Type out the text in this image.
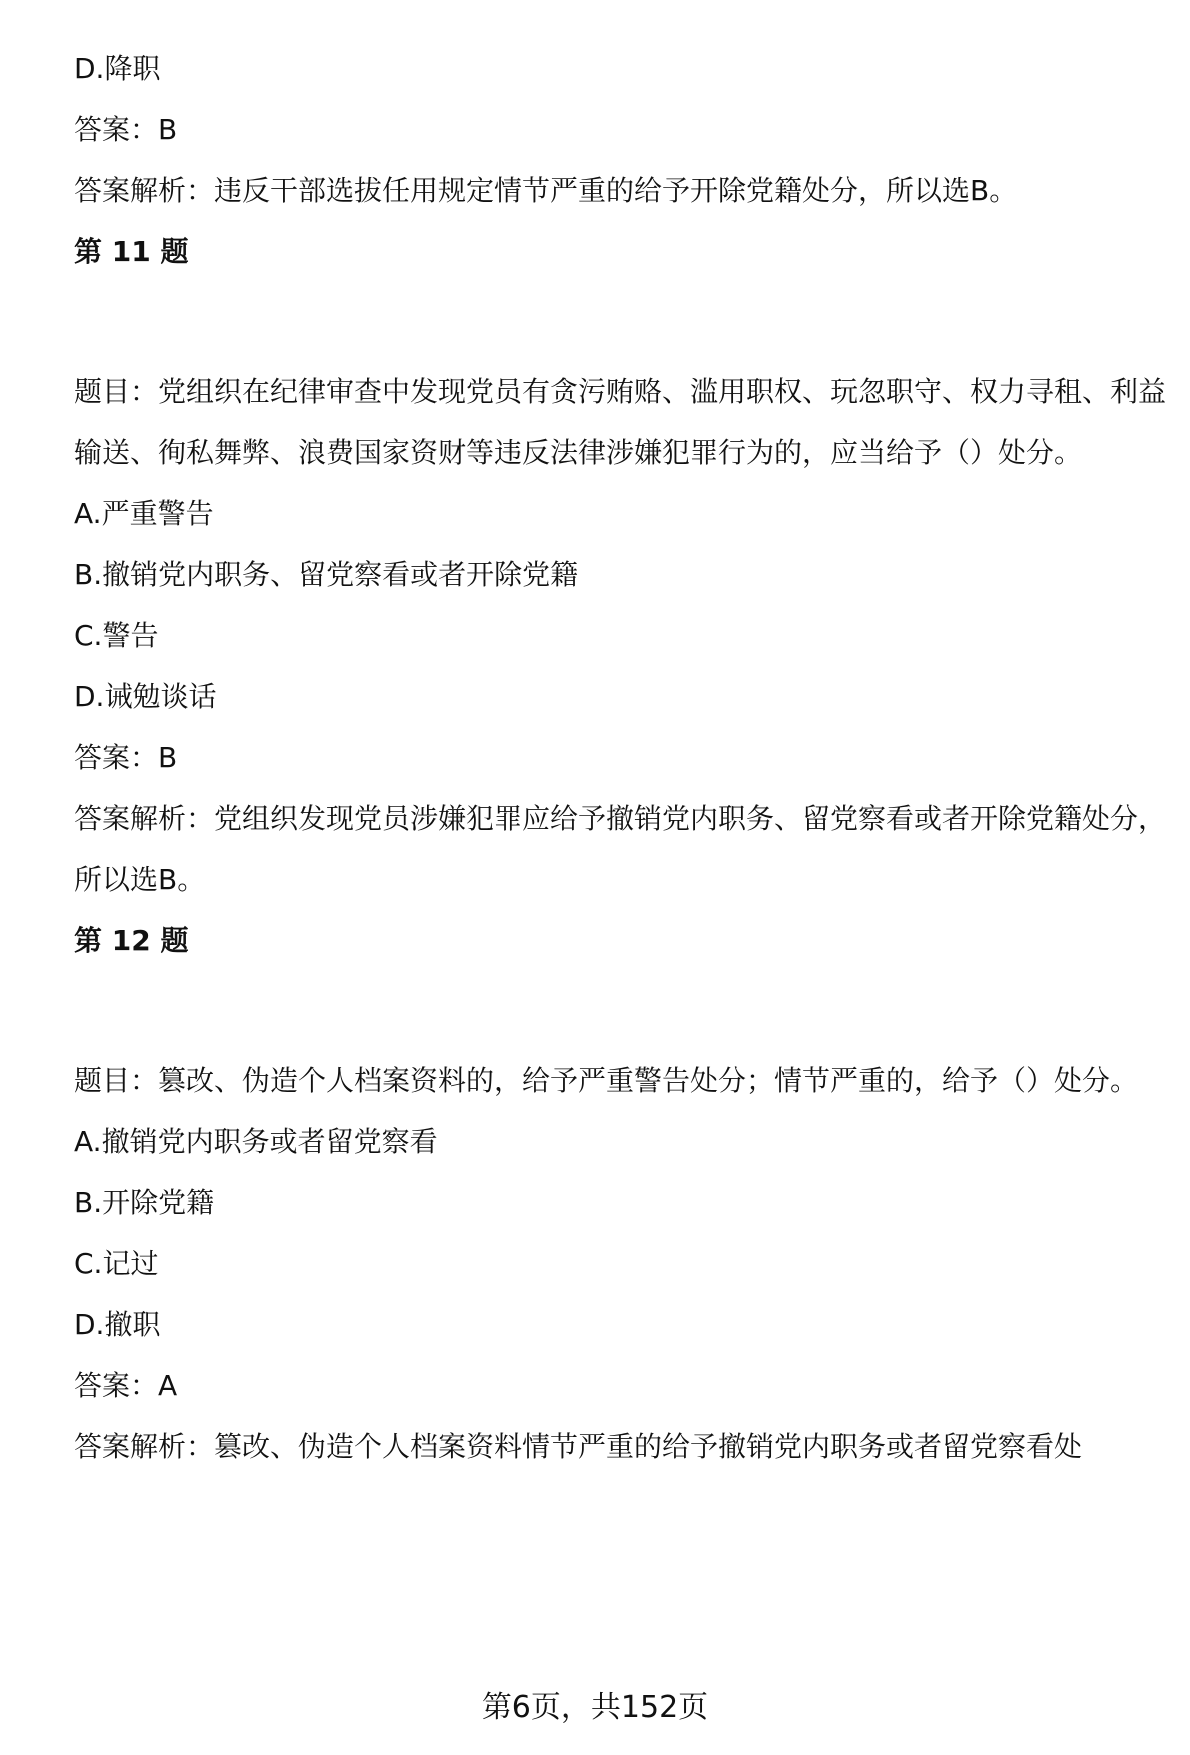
D.降职
答案：B
答案解析：违反干部选拔任用规定情节严重的给予开除党籍处分，所以选B。
第 11 题
题目：党组织在纪律审查中发现党员有贪污贿赂、滥用职权、玩忽职守、权力寻租、利益输送、徇私舞弊、浪费国家资财等违反法律涉嫌犯罪行为的，应当给予（）处分。
A.严重警告
B.撤销党内职务、留党察看或者开除党籍
C.警告
D.诫勉谈话
答案：B
答案解析：党组织发现党员涉嫌犯罪应给予撤销党内职务、留党察看或者开除党籍处分，所以选B。
第 12 题
题目：篡改、伪造个人档案资料的，给予严重警告处分；情节严重的，给予（）处分。
A.撤销党内职务或者留党察看
B.开除党籍
C.记过
D.撤职
答案：A
答案解析：篡改、伪造个人档案资料情节严重的给予撤销党内职务或者留党察看处
第6页，共152页
